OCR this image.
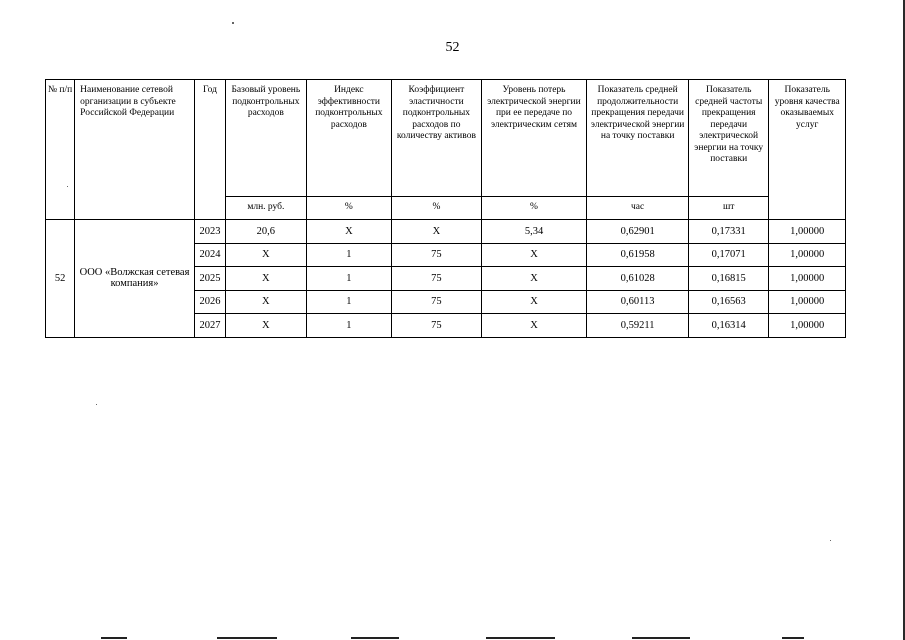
52
№ п/п	Наименование сетевой организации в субъекте Российской Федерации	Год	Базовый уровень подконтрольных расходов	Индекс эффективности подконтрольных расходов	Коэффициент эластичности подконтрольных расходов по количеству активов	Уровень потерь электрической энергии при ее передаче по электрическим сетям	Показатель средней продолжительности прекращения передачи электрической энергии на точку поставки	Показатель средней частоты прекращения передачи электрической энергии на точку поставки	Показатель уровня качества оказываемых услуг
			млн. руб.	%	%	%	час	шт	
52	ООО «Волжская сетевая компания»	2023	20,6	Х	Х	5,34	0,62901	0,17331	1,00000
		2024	Х	1	75	Х	0,61958	0,17071	1,00000
		2025	Х	1	75	Х	0,61028	0,16815	1,00000
		2026	Х	1	75	Х	0,60113	0,16563	1,00000
		2027	Х	1	75	Х	0,59211	0,16314	1,00000
